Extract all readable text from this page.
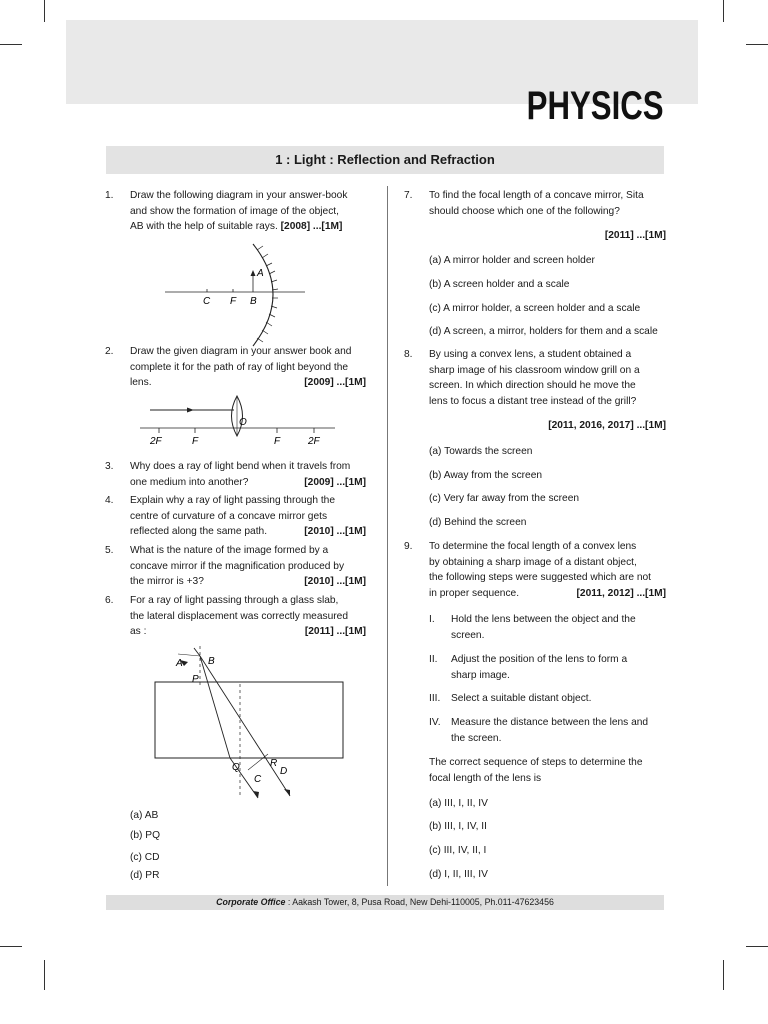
PHYSICS
1 : Light : Reflection and Refraction
1. Draw the following diagram in your answer-book
and show the formation of image of the object,
AB with the help of suitable rays. [2008] ...[1M]
C F B
A
2. Draw the given diagram in your answer book and
complete it for the path of ray of light beyond the
lens.	[2009] ...[1M]
2F	F
O
F	2F
3. Why does a ray of light bend when it travels from
one medium into another?	[2009] ...[1M]
4. Explain why a ray of light passing through the
centre of curvature of a concave mirror gets
reflected along the same path.	[2010] ...[1M]
5. What is the nature of the image formed by a
concave mirror if the magnification produced by
the mirror is +3?	[2010] ...[1M]
6. For a ray of light passing through a glass slab,
the lateral displacement was correctly measured
as :	[2011] ...[1M]
A	B
P
Q	R
C
D
(a) AB
(b) PQ
(c) CD
(d) PR
7. To find the focal length of a concave mirror, Sita
should choose which one of the following?
[2011] ...[1M]
(a) A mirror holder and screen holder
(b) A screen holder and a scale
(c) A mirror holder, a screen holder and a scale
(d) A screen, a mirror, holders for them and a scale
8. By using a convex lens, a student obtained a
sharp image of his classroom window grill on a
screen. In which direction should he move the
lens to focus a distant tree instead of the grill?
[2011, 2016, 2017] ...[1M]
(a) Towards the screen
(b) Away from the screen
(c) Very far away from the screen
(d) Behind the screen
9. To determine the focal length of a convex lens
by obtaining a sharp image of a distant object,
the following steps were suggested which are not
in proper sequence.	[2011, 2012] ...[1M]
I. Hold the lens between the object and the
screen.
II. Adjust the position of the lens to form a
sharp image.
III. Select a suitable distant object.
IV. Measure the distance between the lens and
the screen.
The correct sequence of steps to determine the
focal length of the lens is
(a) III, I, II, IV
(b) III, I, IV, II
(c) III, IV, II, I
(d) I, II, III, IV
Corporate Office : Aakash Tower, 8, Pusa Road, New Dehi-110005, Ph.011-47623456
